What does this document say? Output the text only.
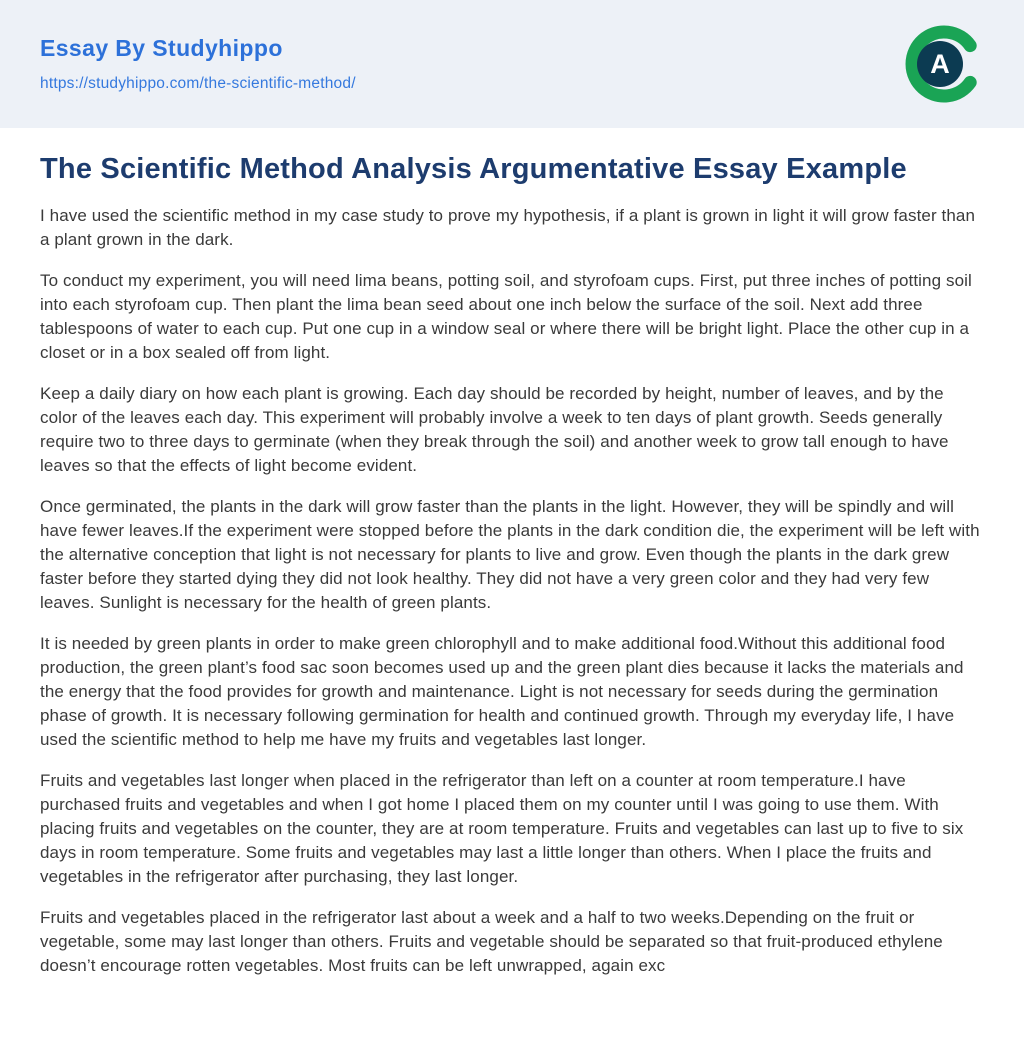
Essay By Studyhippo
https://studyhippo.com/the-scientific-method/
A
The Scientific Method Analysis Argumentative Essay Example

I have used the scientific method in my case study to prove my hypothesis, if a plant is grown in light it will grow faster than a plant grown in the dark.

To conduct my experiment, you will need lima beans, potting soil, and styrofoam cups. First, put three inches of potting soil into each styrofoam cup. Then plant the lima bean seed about one inch below the surface of the soil. Next add three tablespoons of water to each cup. Put one cup in a window seal or where there will be bright light. Place the other cup in a closet or in a box sealed off from light.

Keep a daily diary on how each plant is growing. Each day should be recorded by height, number of leaves, and by the color of the leaves each day. This experiment will probably involve a week to ten days of plant growth. Seeds generally require two to three days to germinate (when they break through the soil) and another week to grow tall enough to have leaves so that the effects of light become evident.

Once germinated, the plants in the dark will grow faster than the plants in the light. However, they will be spindly and will have fewer leaves.If the experiment were stopped before the plants in the dark condition die, the experiment will be left with the alternative conception that light is not necessary for plants to live and grow. Even though the plants in the dark grew faster before they started dying they did not look healthy. They did not have a very green color and they had very few leaves. Sunlight is necessary for the health of green plants.

It is needed by green plants in order to make green chlorophyll and to make additional food.Without this additional food production, the green plant’s food sac soon becomes used up and the green plant dies because it lacks the materials and the energy that the food provides for growth and maintenance. Light is not necessary for seeds during the germination phase of growth. It is necessary following germination for health and continued growth. Through my everyday life, I have used the scientific method to help me have my fruits and vegetables last longer.

Fruits and vegetables last longer when placed in the refrigerator than left on a counter at room temperature.I have purchased fruits and vegetables and when I got home I placed them on my counter until I was going to use them. With placing fruits and vegetables on the counter, they are at room temperature. Fruits and vegetables can last up to five to six days in room temperature. Some fruits and vegetables may last a little longer than others. When I place the fruits and vegetables in the refrigerator after purchasing, they last longer.

Fruits and vegetables placed in the refrigerator last about a week and a half to two weeks.Depending on the fruit or vegetable, some may last longer than others. Fruits and vegetable should be separated so that fruit-produced ethylene doesn’t encourage rotten vegetables. Most fruits can be left unwrapped, again exc
